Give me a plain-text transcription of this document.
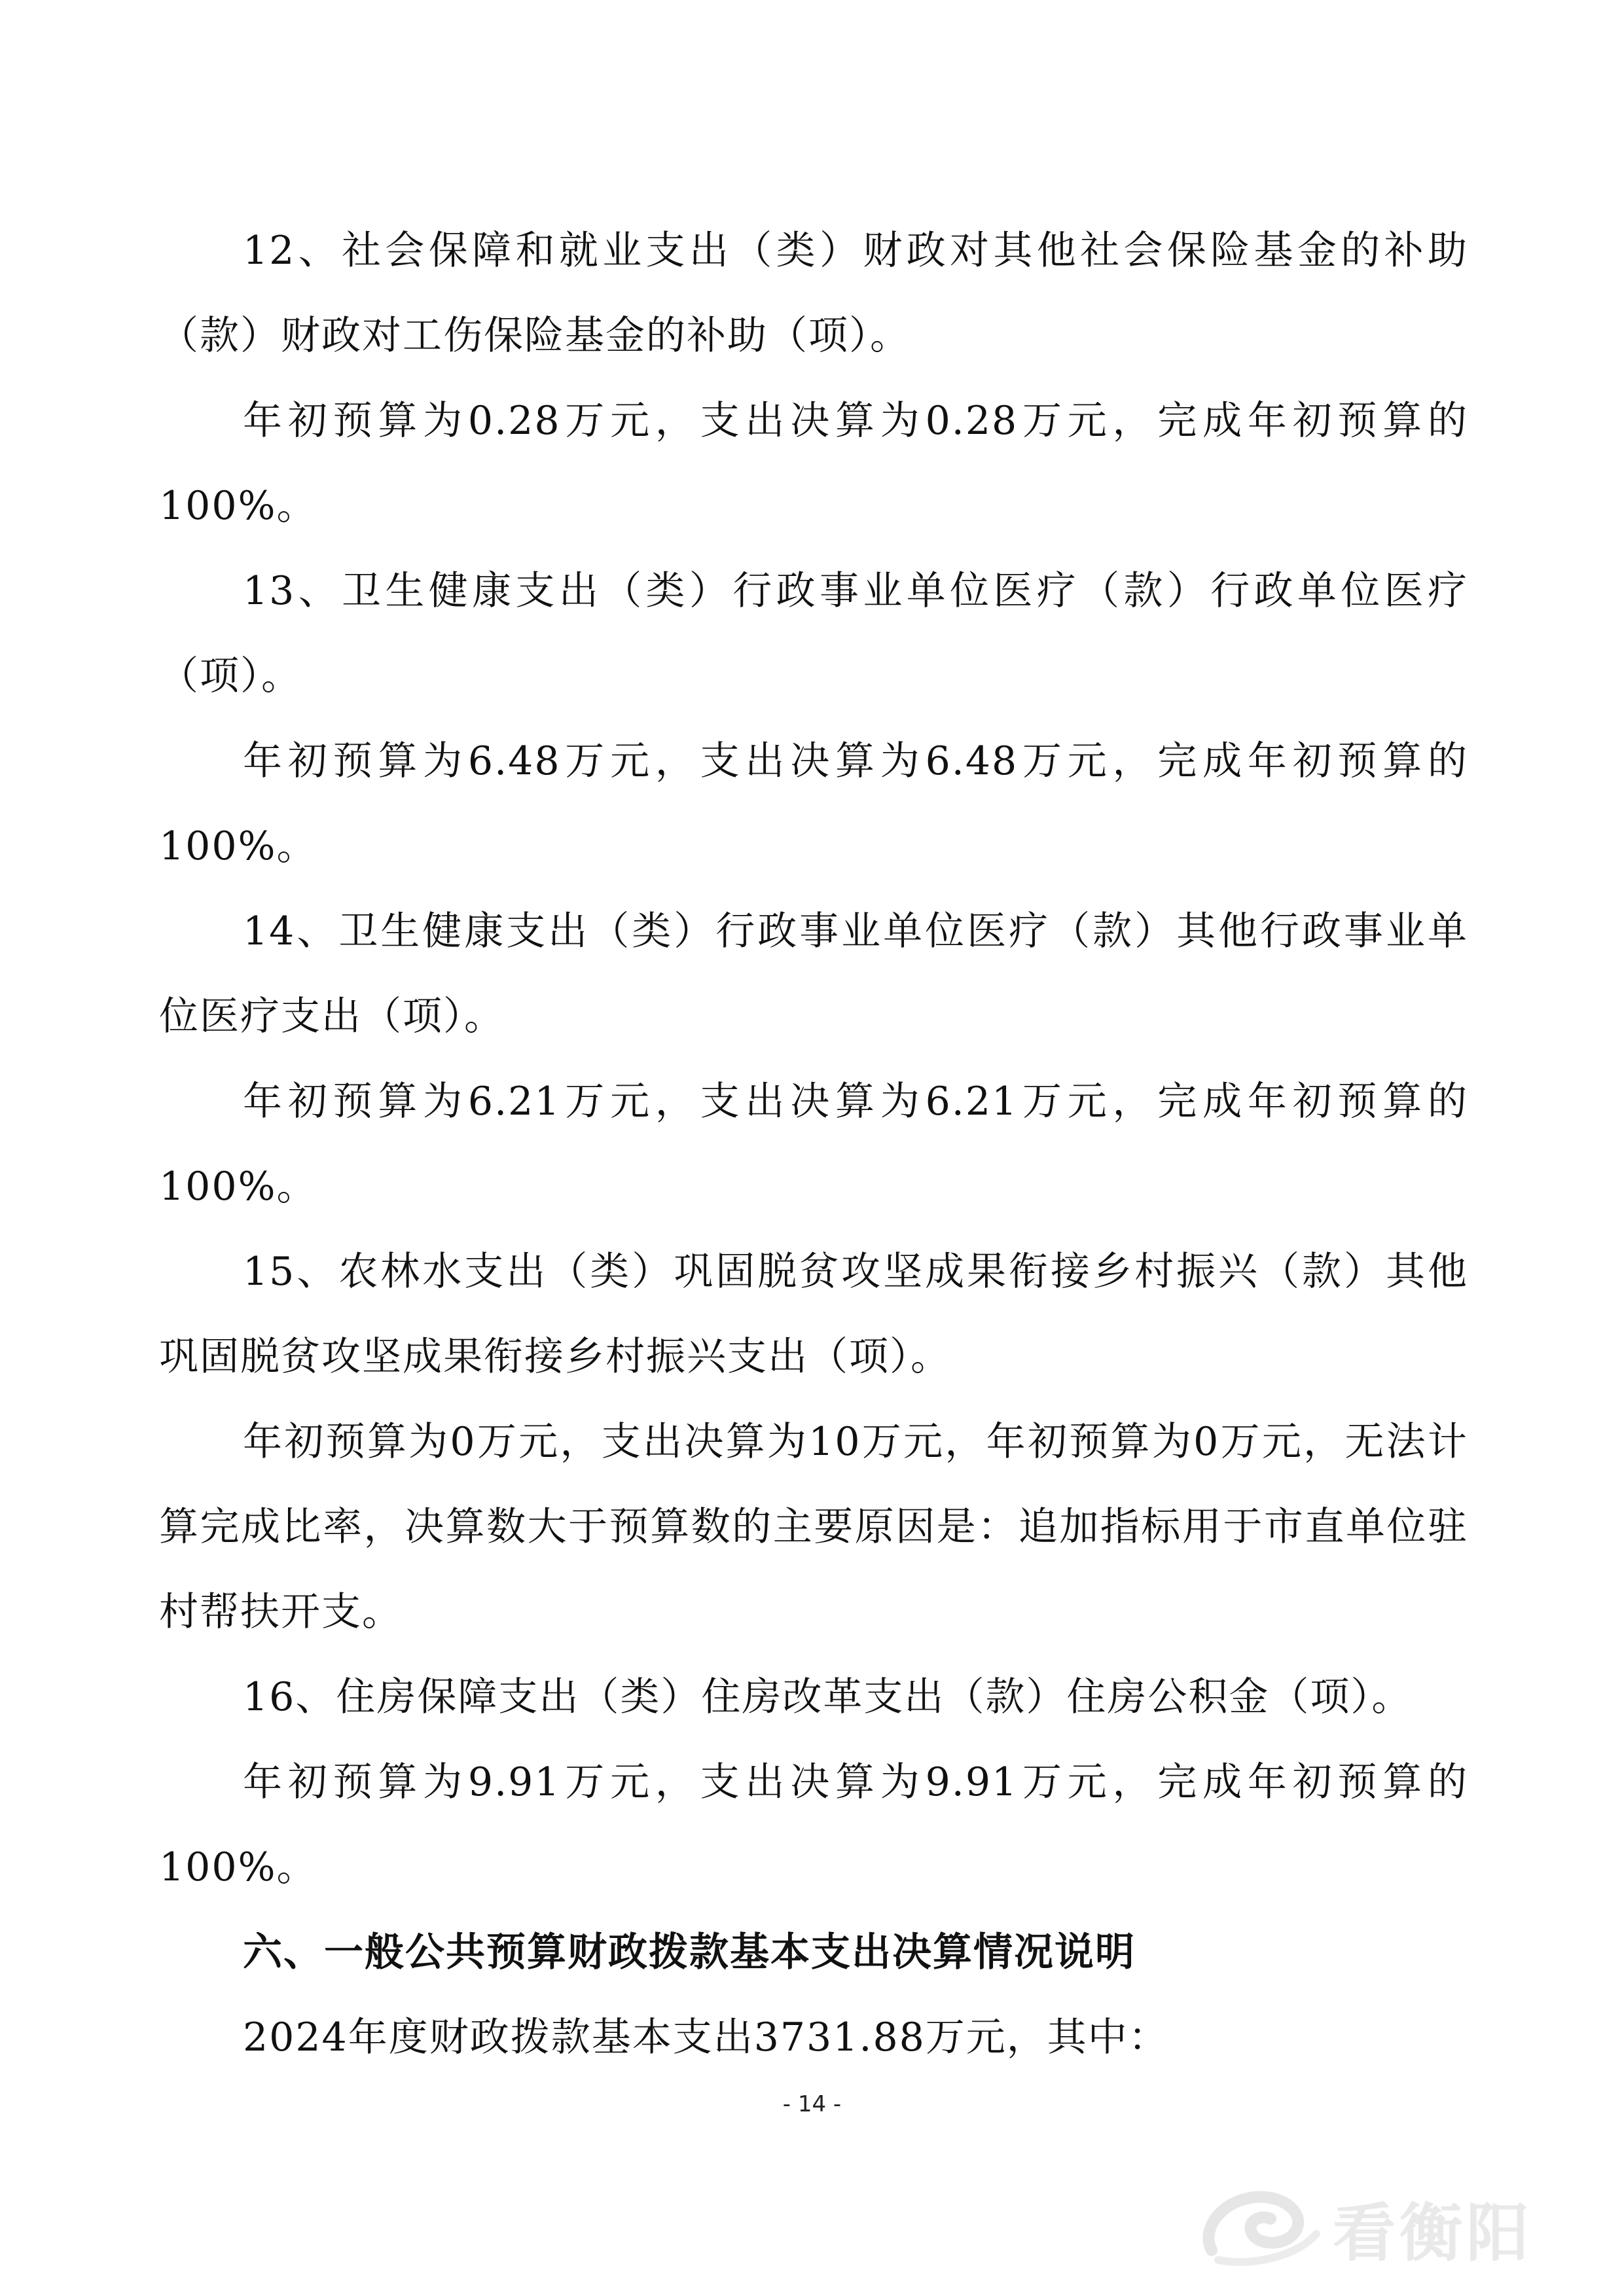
12、社会保障和就业支出（类）财政对其他社会保险基金的补助（款）财政对工伤保险基金的补助（项）。

年初预算为0.28万元，支出决算为0.28万元，完成年初预算的100%。

13、卫生健康支出（类）行政事业单位医疗（款）行政单位医疗（项）。

年初预算为6.48万元，支出决算为6.48万元，完成年初预算的100%。

14、卫生健康支出（类）行政事业单位医疗（款）其他行政事业单位医疗支出（项）。

年初预算为6.21万元，支出决算为6.21万元，完成年初预算的100%。

15、农林水支出（类）巩固脱贫攻坚成果衔接乡村振兴（款）其他巩固脱贫攻坚成果衔接乡村振兴支出（项）。

年初预算为0万元，支出决算为10万元，年初预算为0万元，无法计算完成比率，决算数大于预算数的主要原因是：追加指标用于市直单位驻村帮扶开支。

16、住房保障支出（类）住房改革支出（款）住房公积金（项）。

年初预算为9.91万元，支出决算为9.91万元，完成年初预算的100%。

六、一般公共预算财政拨款基本支出决算情况说明

2024年度财政拨款基本支出3731.88万元，其中：

- 14 -
看衡阳
